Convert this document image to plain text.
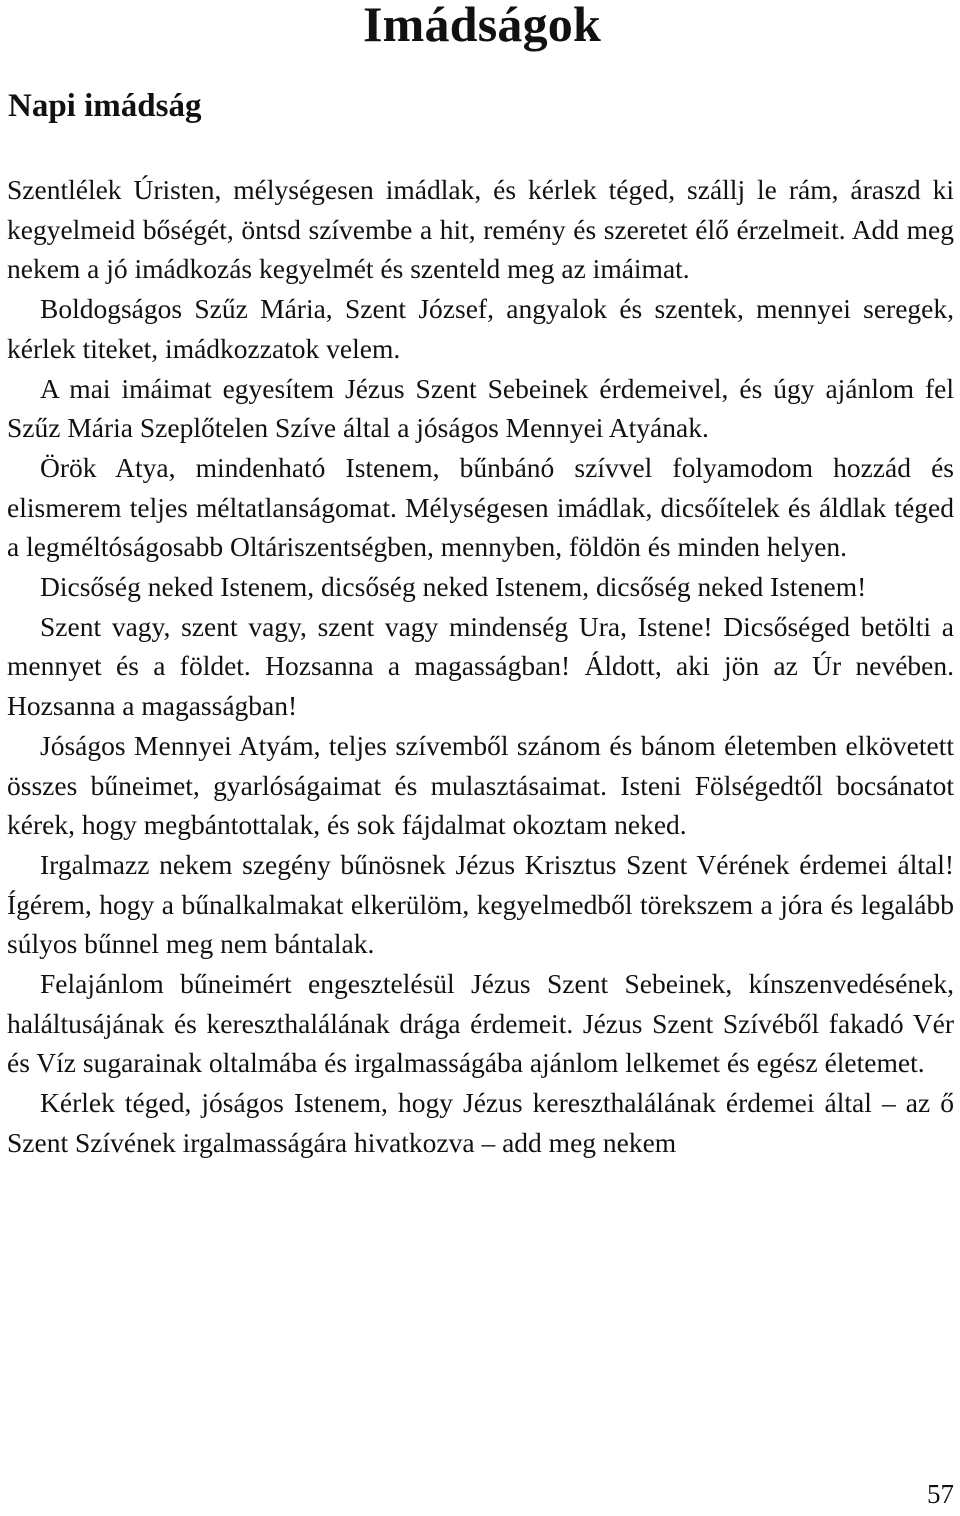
Imádságok
Napi imádság

Szentlélek Úristen, mélységesen imádlak, és kérlek téged, szállj le rám, áraszd ki kegyelmeid bőségét, öntsd szívembe a hit, remény és szeretet élő érzelmeit. Add meg nekem a jó imádkozás kegyelmét és szenteld meg az imáimat.

Boldogságos Szűz Mária, Szent József, angyalok és szentek, mennyei seregek, kérlek titeket, imádkozzatok velem.

A mai imáimat egyesítem Jézus Szent Sebeinek érdemeivel, és úgy ajánlom fel Szűz Mária Szeplőtelen Szíve által a jóságos Mennyei Atyának.

Örök Atya, mindenható Istenem, bűnbánó szívvel folyamodom hozzád és elismerem teljes méltatlanságomat. Mélységesen imádlak, dicsőítelek és áldlak téged a legméltóságosabb Oltáriszentségben, mennyben, földön és minden helyen.

Dicsőség neked Istenem, dicsőség neked Istenem, dicsőség neked Istenem!

Szent vagy, szent vagy, szent vagy mindenség Ura, Istene! Dicsőséged betölti a mennyet és a földet. Hozsanna a magasságban! Áldott, aki jön az Úr nevében. Hozsanna a magasságban!

Jóságos Mennyei Atyám, teljes szívemből szánom és bánom életemben elkövetett összes bűneimet, gyarlóságaimat és mulasztásaimat. Isteni Fölségedtől bocsánatot kérek, hogy megbántottalak, és sok fájdalmat okoztam neked.

Irgalmazz nekem szegény bűnösnek Jézus Krisztus Szent Vérének érdemei által! Ígérem, hogy a bűnalkalmakat elkerülöm, kegyelmedből törekszem a jóra és legalább súlyos bűnnel meg nem bántalak.

Felajánlom bűneimért engesztelésül Jézus Szent Sebeinek, kínszenvedésének, haláltusájának és kereszthalálának drága érdemeit. Jézus Szent Szívéből fakadó Vér és Víz sugarainak oltalmába és irgalmasságába ajánlom lelkemet és egész életemet.

Kérlek téged, jóságos Istenem, hogy Jézus kereszthalálának érdemei által – az ő Szent Szívének irgalmasságára hivatkozva – add meg nekem

57
